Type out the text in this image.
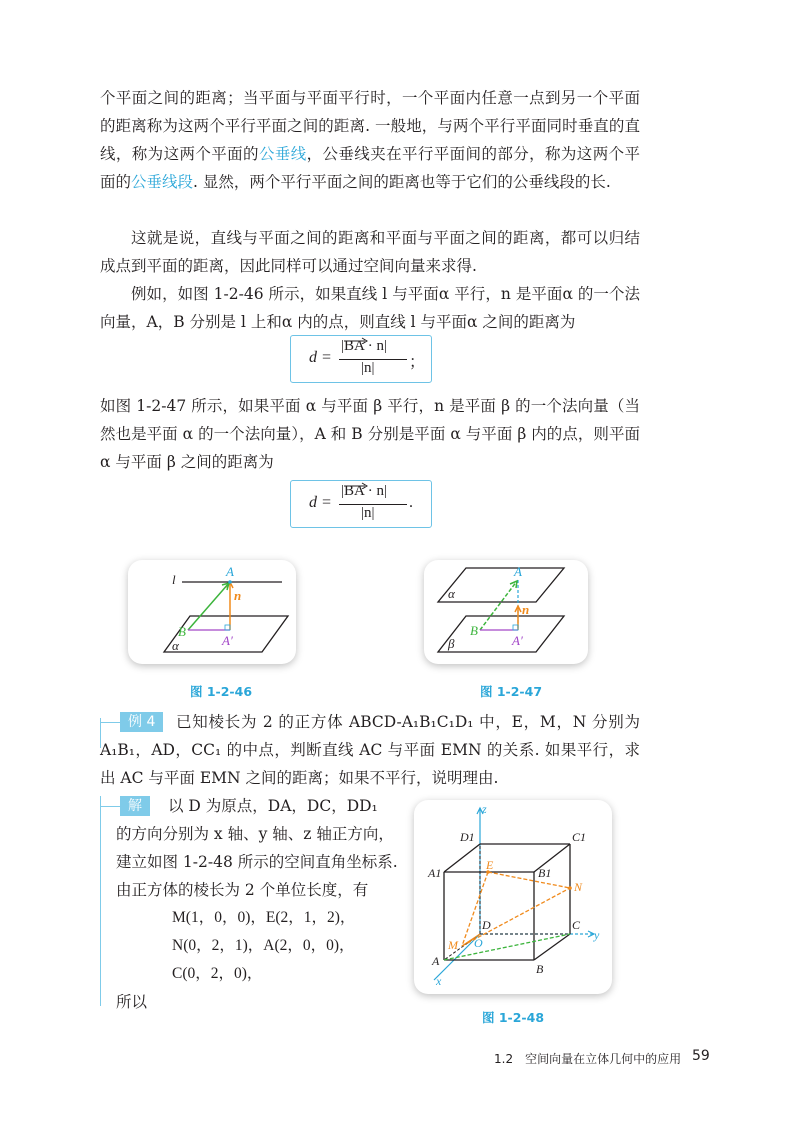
个平面之间的距离；当平面与平面平行时，一个平面内任意一点到另一个平面的距离称为这两个平行平面之间的距离. 一般地，与两个平行平面同时垂直的直线，称为这两个平面的公垂线，公垂线夹在平行平面间的部分，称为这两个平面的公垂线段. 显然，两个平行平面之间的距离也等于它们的公垂线段的长.

这就是说，直线与平面之间的距离和平面与平面之间的距离，都可以归结成点到平面的距离，因此同样可以通过空间向量来求得.

例如，如图 1-2-46 所示，如果直线 l 与平面α 平行，n 是平面α 的一个法向量，A，B 分别是 l 上和α 内的点，则直线 l 与平面α 之间的距离为

d =
|BA · n|
|n| ；

如图 1-2-47 所示，如果平面 α 与平面 β 平行，n 是平面 β 的一个法向量（当然也是平面 α 的一个法向量），A 和 B 分别是平面 α 与平面 β 内的点，则平面 α 与平面 β 之间的距离为

d =
|BA · n|
|n|
.
l
A
n
B
A′
α
图 1-2-46
A
n
B
A′
α
β
图 1-2-47
例 4	已知棱长为 2 的正方体 ABCD-A₁B₁C₁D₁ 中，E，M，N 分别为 A₁B₁，AD，CC₁ 的中点，判断直线 AC 与平面 EMN 的关系. 如果平行，求出 AC 与平面 EMN 之间的距离；如果不平行，说明理由.

解	以 D 为原点，DA，DC，DD₁
的方向分别为 x 轴、y 轴、z 轴正方向，
建立如图 1-2-48 所示的空间直角坐标系.
由正方体的棱长为 2 个单位长度，有
M(1，0，0)，E(2，1，2)，
N(0，2，1)，A(2，0，0)，
C(0，2，0)，
所以
z
y
x
D1	C1
A1	B1
E
N
D	C
M O
A
B
图 1-2-48
1.2　空间向量在立体几何中的应用 59
